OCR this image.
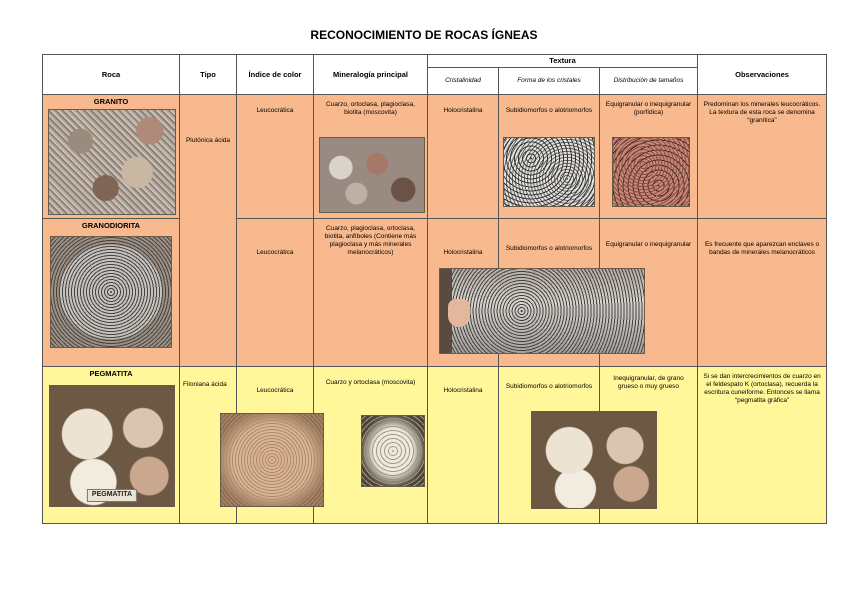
RECONOCIMIENTO DE ROCAS ÍGNEAS
Roca	Tipo	Índice de color	Mineralogía principal	Textura			Observaciones
				Cristalinidad	Forma de los cristales	Distribución de tamaños	

GRANITO	Plutónica ácida	Leucocrática	Cuarzo, ortoclasa, plagioclasa, biotita (moscovita)	Holocristalina	Subidiomorfos o alotriomorfos	Equigranular o inequigranular (porfídica)	Predominan los minerales leucocráticos. La textura de esta roca se denomina “granítica”

GRANODIORITA		Leucocrática	Cuarzo, plagioclasa, ortoclasa, biotita, anfíboles (Contiene más plagioclasa y más minerales melanocráticos)	Holocristalina	Subidiomorfos o alotriomorfos	Equigranular o inequigranular	Es frecuente que aparezcan enclaves o bandas de minerales melanocráticos

PEGMATITA
PEGMATITA	Filoniana ácida	Leucocrática	Cuarzo y ortoclasa (moscovita)	Holocristalina	Subidiomorfos o alotriomorfos	Inequigranular, de grano grueso o muy grueso	Si se dan intercrecimientos de cuarzo en el feldespato K (ortoclasa), recuerda la escritura cuneiforme. Entonces se llama “pegmatita gráfica”
